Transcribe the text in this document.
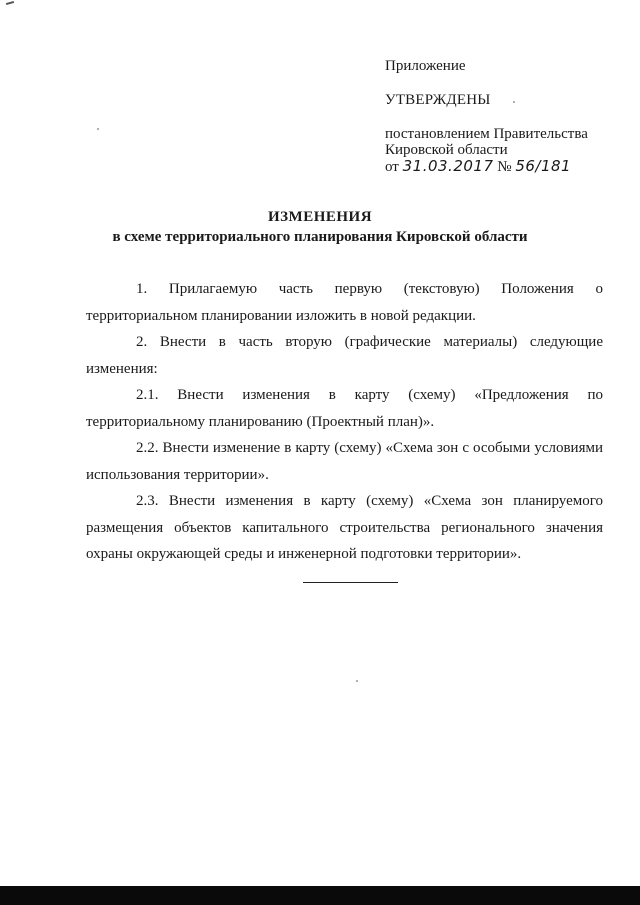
Приложение
УТВЕРЖДЕНЫ
постановлением Правительства
Кировской области
от 31.03.2017 № 56/181
ИЗМЕНЕНИЯ
в схеме территориального планирования Кировской области

1. Прилагаемую часть первую (текстовую) Положения о территориальном планировании изложить в новой редакции.

2. Внести в часть вторую (графические материалы) следующие изменения:

2.1. Внести изменения в карту (схему) «Предложения по территориальному планированию (Проектный план)».

2.2. Внести изменение в карту (схему) «Схема зон с особыми условиями использования территории».

2.3. Внести изменения в карту (схему) «Схема зон планируемого размещения объектов капитального строительства регионального значения охраны окружающей среды и инженерной подготовки территории».
